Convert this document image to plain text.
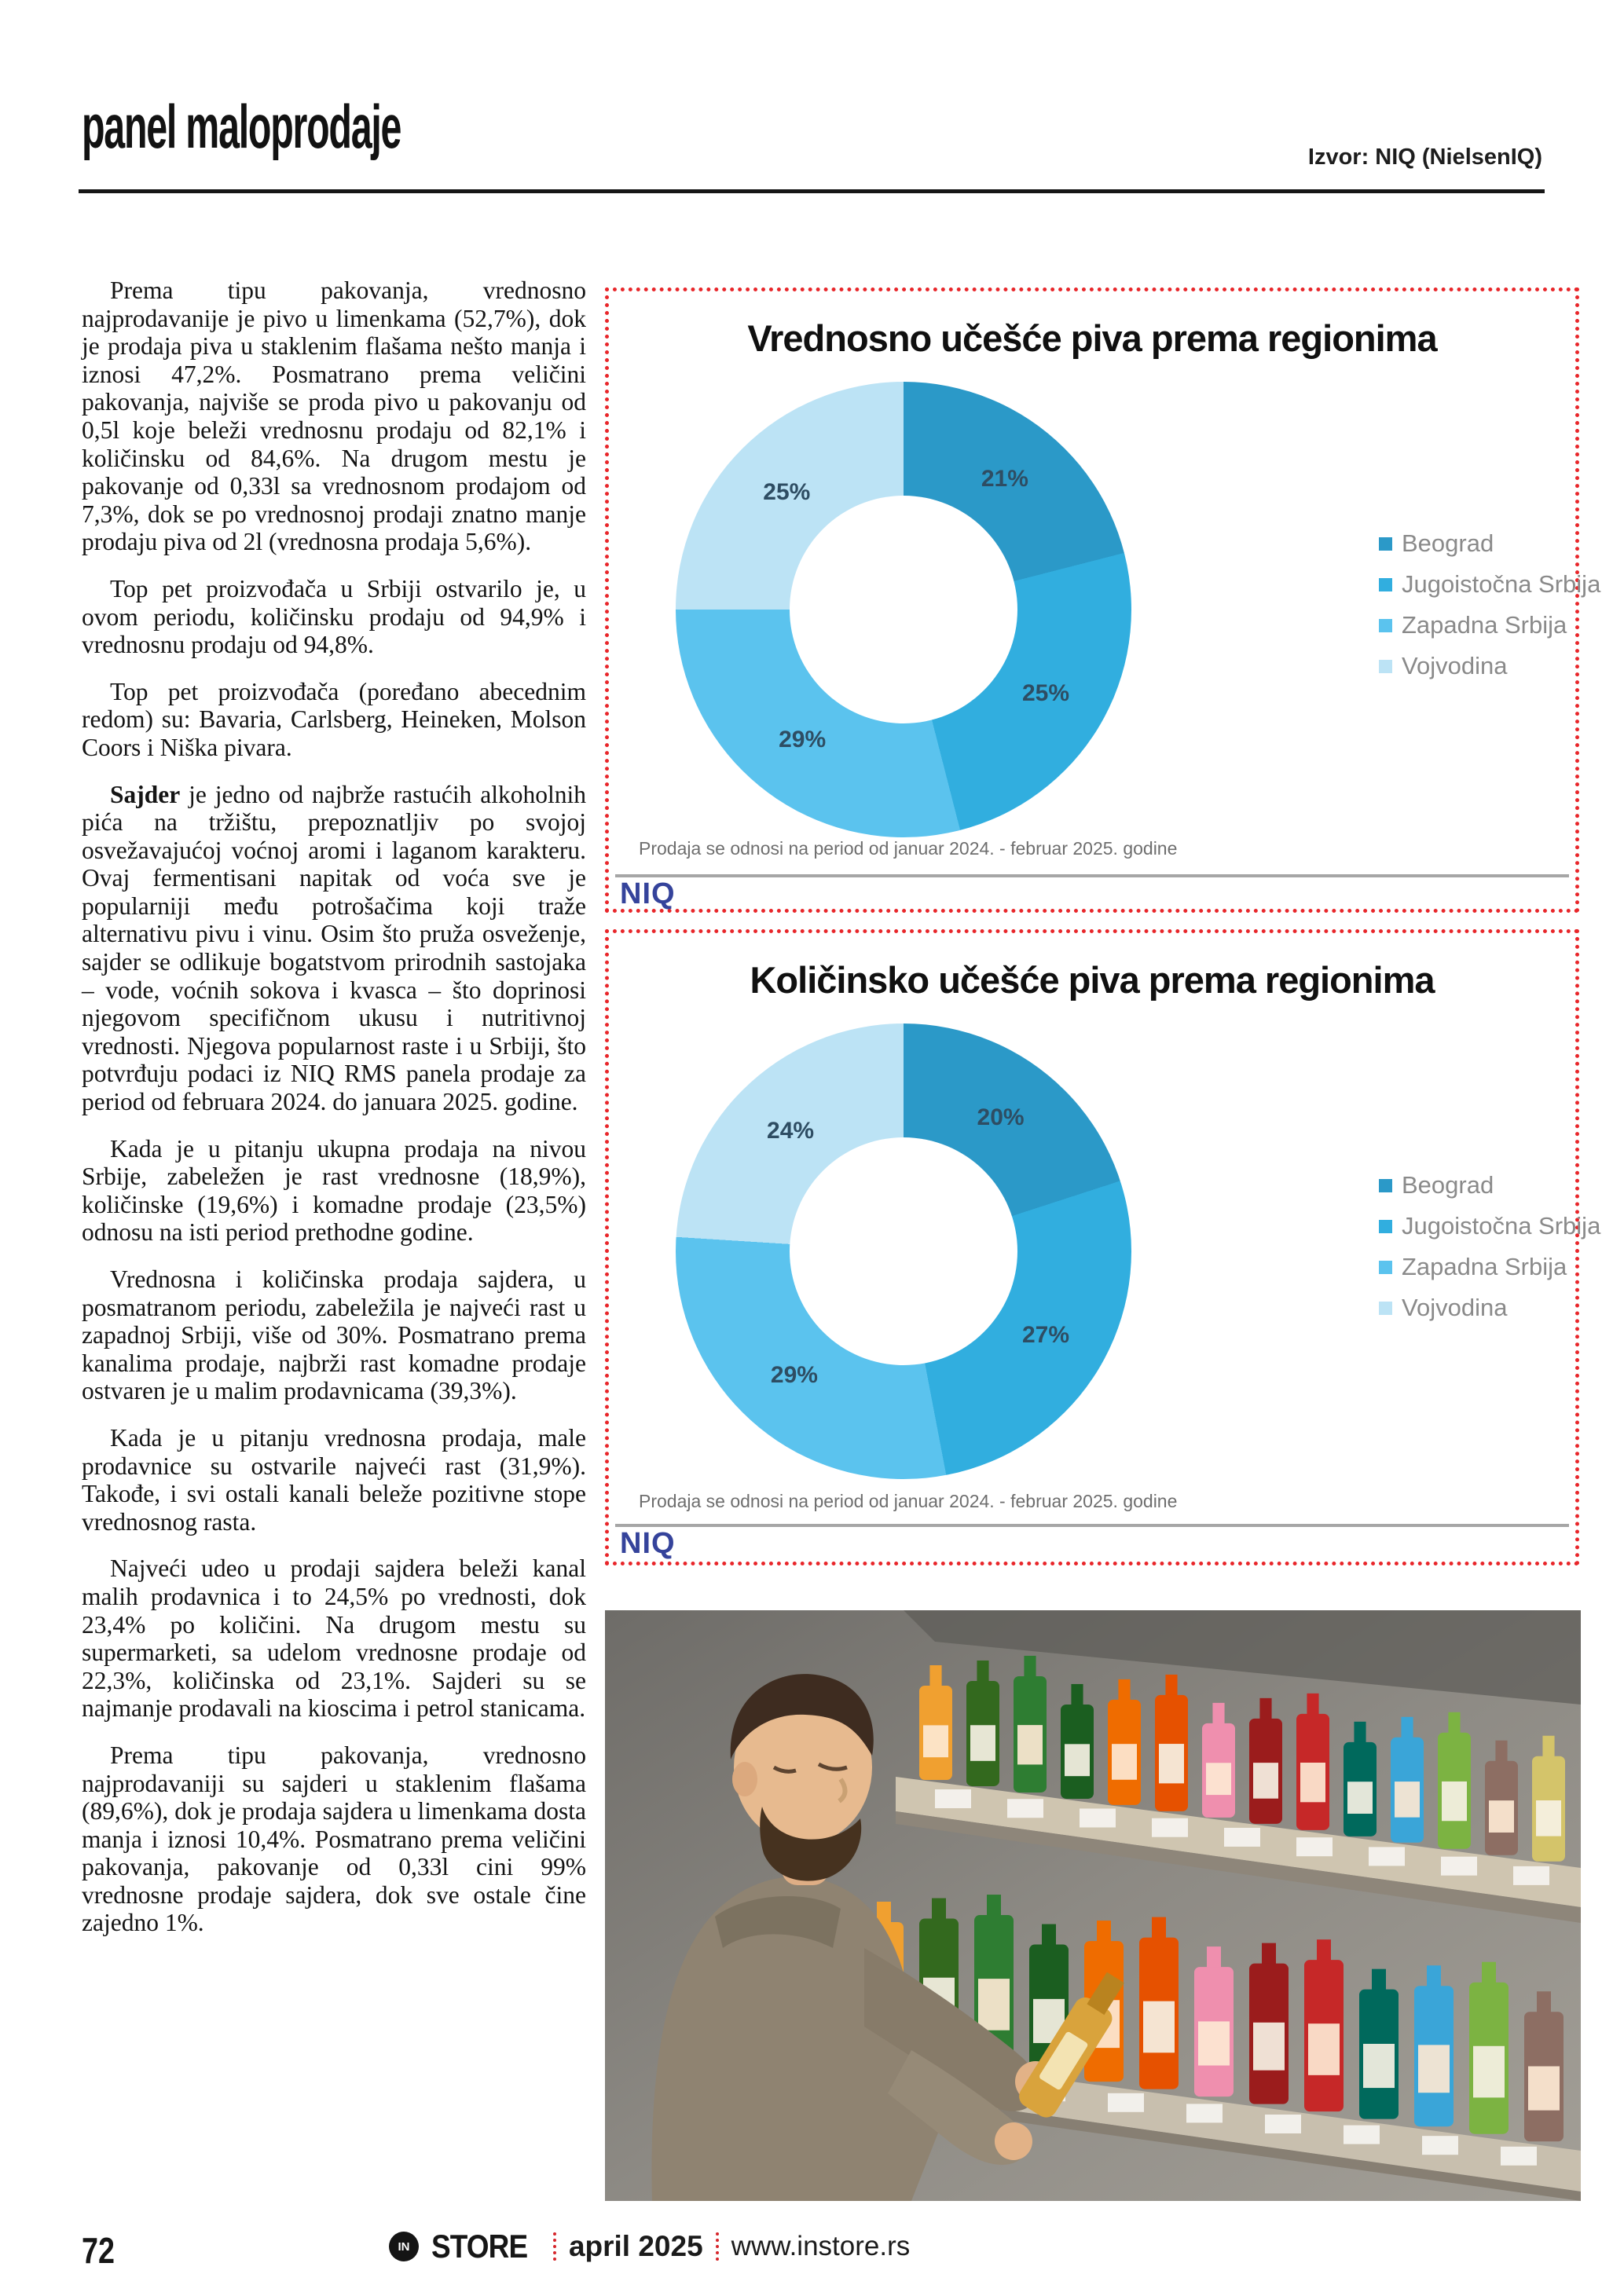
panel maloprodaje	Izvor: NIQ (NielsenIQ)

Prema tipu pakovanja, vrednosno najprodavanije je pivo u limenkama (52,7%), dok je prodaja piva u staklenim flašama nešto manja i iznosi 47,2%. Posmatrano prema veličini pakovanja, najviše se proda pivo u pakovanju od 0,5l koje beleži vrednosnu prodaju od 82,1% i količinsku od 84,6%. Na drugom mestu je pakovanje od 0,33l sa vrednosnom prodajom od 7,3%, dok se po vrednosnoj prodaji znatno manje prodaju piva od 2l (vrednosna prodaja 5,6%).

Top pet proizvođača u Srbiji ostvarilo je, u ovom periodu, količinsku prodaju od 94,9% i vrednosnu prodaju od 94,8%.

Top pet proizvođača (poređano abecednim redom) su: Bavaria, Carlsberg, Heineken, Molson Coors i Niška pivara.

Sajder je jedno od najbrže rastućih alkoholnih pića na tržištu, prepoznatljiv po svojoj osvežavajućoj voćnoj aromi i laganom karakteru. Ovaj fermentisani napitak od voća sve je popularniji među potrošačima koji traže alternativu pivu i vinu. Osim što pruža osveženje, sajder se odlikuje bogatstvom prirodnih sastojaka – vode, voćnih sokova i kvasca – što doprinosi njegovom specifičnom ukusu i nutritivnoj vrednosti. Njegova popularnost raste i u Srbiji, što potvrđuju podaci iz NIQ RMS panela prodaje za period od februara 2024. do januara 2025. godine.

Kada je u pitanju ukupna prodaja na nivou Srbije, zabeležen je rast vrednosne (18,9%), količinske (19,6%) i komadne prodaje (23,5%) odnosu na isti period prethodne godine.

Vrednosna i količinska prodaja sajdera, u posmatranom periodu, zabeležila je najveći rast u zapadnoj Srbiji, više od 30%. Posmatrano prema kanalima prodaje, najbrži rast komadne prodaje ostvaren je u malim prodavnicama (39,3%).

Kada je u pitanju vrednosna prodaja, male prodavnice su ostvarile najveći rast (31,9%). Takođe, i svi ostali kanali beleže pozitivne stope vrednosnog rasta.

Najveći udeo u prodaji sajdera beleži kanal malih prodavnica i to 24,5% po vrednosti, dok 23,4% po količini. Na drugom mestu su supermarketi, sa udelom vrednosne prodaje od 22,3%, količinska od 23,1%. Sajderi su se najmanje prodavali na kioscima i petrol stanicama.

Prema tipu pakovanja, vrednosno najprodavaniji su sajderi u staklenim flašama (89,6%), dok je prodaja sajdera u limenkama dosta manja i iznosi 10,4%. Posmatrano prema veličini pakovanja, pakovanje od 0,33l cini 99% vrednosne prodaje sajdera, dok sve ostale čine zajedno 1%.

Vrednosno učešće piva prema regionima
21%
25%
29%
25%
Beograd
Jugoistočna Srbija
Zapadna Srbija
Vojvodina
Prodaja se odnosi na period od januar 2024. - februar 2025. godine
NIQ
Količinsko učešće piva prema regionima
20%
27%
29%
24%
Beograd
Jugoistočna Srbija
Zapadna Srbija
Vojvodina
Prodaja se odnosi na period od januar 2024. - februar 2025. godine
NIQ
72	IN STORE april 2025 www.instore.rs
